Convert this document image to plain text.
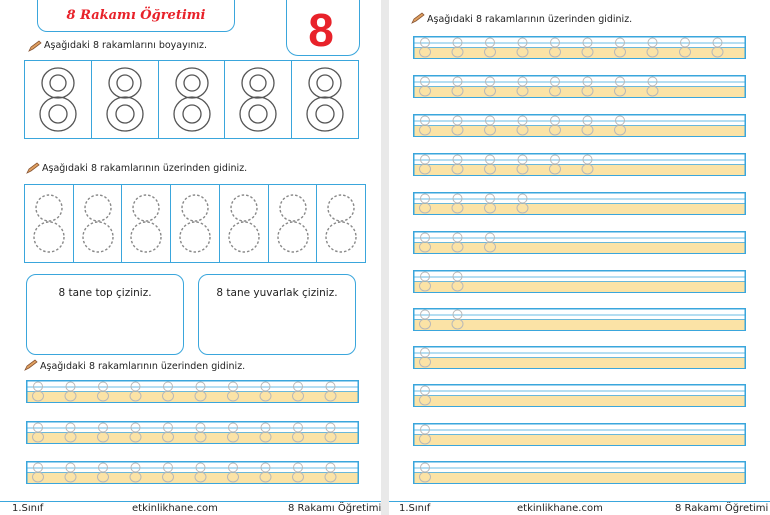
8 Rakamı Öğretimi 8
Aşağıdaki 8 rakamlarını boyayınız.
Aşağıdaki 8 rakamlarının üzerinden gidiniz.
8 tane top çiziniz.	8 tane yuvarlak çiziniz.
Aşağıdaki 8 rakamlarının üzerinden gidiniz.
1.Sınıf	etkinlikhane.com	8 Rakamı Öğretimi
Aşağıdaki 8 rakamlarının üzerinden gidiniz.
1.Sınıf	etkinlikhane.com	8 Rakamı Öğretimi
